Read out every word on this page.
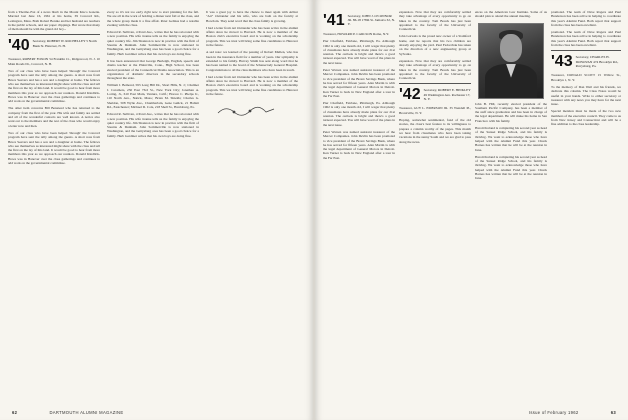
from a Thermo-Fax of a news blurb in the Mount Kisco Gazette. Married last June 16, 1961 at his home, 39 Concord Rd., Lexington, Mass. Both Robert Bonnie and her husband are teachers in the public schools, and our paper clippings. But wrote that many of them should be with the grand old boy...

'40 Secretary, ROBERT W. ROCHELLEY 5 North Bank St. Hanover, N. H.

Treasurer, ROBERT FOXON 54 Franklin Ct., Ridgewood, N. J. 10 Main Roads Dr., Concord, N. H.

Two of our class who have been helped 'through' the Concord program have sent the tally among the guests. A short note from Bruce Seevers and has a son and a daughter at home. The fellows who see themselves as interested might share with the class and tell the first on the lay of this land. It would be good to hear from more members this year as we approach our reunion. Donald Kindlick-Howe was in Hanover over the class gatherings and continues to add work on the governmental committee.

The other item concerns Bill Benstead who has returned to the company from the first of the year. His wife and family are settled and all of the wonderful contacts are well known. A notice also went out to the members and the rest of the class who would enjoy a letter now and then.

Two of our class who have been helped 'through' the Concord program have sent the tally among the guests. A short note from Bruce Seevers and has a son and a daughter at home. The fellows who see themselves as interested might share with the class and tell the first on the lay of this land. It would be good to hear from more members this year as we approach our reunion. Donald Kindlick-Howe was in Hanover over the class gatherings and continues to add work on the governmental committee.

every so it's not too early right now to start planning for the fall. We are all in the work of holding a dinner next fall at the class, and the whole group made it a fine affair. Peter Gelinas had a notable evening with the class.

Edward R. Sullivan, 4 Pond Ave., writes that he has relocated with a new position. His wife Jeanne tells us the family is enjoying the quiet country life. Jim Shannon is now in practice with the firm of Stearns & Dunham. John Sommerville is now stationed in Washington, and the Gettysburg area has been a good choice for a family. Herb Gardiner writes that his own boys are doing fine.

It has been announced that George Burleigh, English, speech and drama teacher at the Plainville, Conn., High School, has been elected president of the Connecticut Drama Association. This is an organization of dramatic directors in the secondary schools throughout the state.

William J. Bemond, 593 Long Hill Dr., Short Hills, N. J.; Chalmer J. Carothers, 230 East 73rd St., New York City; Jonathan A. Loring, Jr., 610 East Main, Ventura, Calif.; Horace C. Phelps Jr., 110 North Ave., Natick, Mass.; Brian M. Shields; Charles G. Sheldon, 508 Wylie Ave., Chamberlain, Gene Gulick, 21 Hallett Rd., Eastchester; Michael D. Cole, 218 Shell St., Harrisburg, Pa.

Edward R. Sullivan, 4 Pond Ave., writes that he has relocated with a new position. His wife Jeanne tells us the family is enjoying the quiet country life. Jim Shannon is now in practice with the firm of Stearns & Dunham. John Sommerville is now stationed in Washington, and the Gettysburg area has been a good choice for a family. Herb Gardiner writes that his own boys are doing fine.

It was a great joy to have the chance to meet again with Arthur "Art" Ostrander and his wife, who are both on the faculty at Bowdoin. They send word that the class family is growing.

I had a letter from Art Ostrander who has been active in the alumni affairs since he moved to Harvard. He is now a member of the Boston club's executive board and is working on the scholarship program. This we trust will bring some fine candidates to Hanover in the future.

A sad note: we learned of the passing of Robert Mullen, who has been in the insurance field for a number of years. Our sympathy is extended to his family. Harvey Smith has sent along word that he has been named to the board of the Schenectady General Hospital. Congratulations to all the class members who have been in touch.

I had a letter from Art Ostrander who has been active in the alumni affairs since he moved to Harvard. He is now a member of the Boston club's executive board and is working on the scholarship program. This we trust will bring some fine candidates to Hanover in the future.

62	DARTMOUTH ALUMNI MAGAZINE
'41 Secretary, JOHN J. O'CONNOR JR. 86-18 178th St. Jamaica 32, N. Y.

Treasurer, HOWARD P. CARLSON Rome, N.Y.

Pier Chatfield, Fairlane, Pittsburgh, Pa. Although 1962 is only one month old, I will wager that plenty of classmates have already made plans for our 21st reunion. The outlook is bright and there's a good turnout expected. You will have word of the plans in the next issue.

Peter Warren was named assistant treasurer of the Mercer Companies. John Devlin has been promoted to vice president of the Bronx Savings Bank, where he has served for fifteen years. Alan Martin is with the legal department of General Motors in Detroit. Ken Turner is back in New England after a tour in the Far East.

Pier Chatfield, Fairlane, Pittsburgh, Pa. Although 1962 is only one month old, I will wager that plenty of classmates have already made plans for our 21st reunion. The outlook is bright and there's a good turnout expected. You will have word of the plans in the next issue.

Peter Warren was named assistant treasurer of the Mercer Companies. John Devlin has been promoted to vice president of the Bronx Savings Bank, where he has served for fifteen years. Alan Martin is with the legal department of General Motors in Detroit. Ken Turner is back in New England after a tour in the Far East.

expansion. Now that they are comfortably settled they take advantage of every opportunity to go on hikes in the country. Tom Bouck has just been appointed to the faculty of the University of Connecticut.

John Gotwals is the proud new owner of a Stamford home, and he reports that his two children are already enjoying the yard. Paul Fedorchak has taken on the direction of a new engineering group at Sylvania.

expansion. Now that they are comfortably settled they take advantage of every opportunity to go on hikes in the country. Tom Bouck has just been appointed to the faculty of the University of Connecticut.

'42 Secretary, ROBERT E. HINKLEY 49 Washington Ave. Rochester 17, N. Y.

Treasurer, GUY L. EMERSON JR. 35 Wendell Pl., Bronxville, N. Y.

Hoping, somewhat sentimental, fond of the old stories, the class's best feature is its willingness to prepare a column worthy of the pages. This month we hear from classmates who have been taking vacations in the sunny South and we are glad to pass along the news.

ences on the American Law Institute. Some of us should plan to attend the annual meeting.

John B. Hill, recently elected president of the Southern Pacific Company, has been a member of the staff since graduation and has been in charge of the legal department. He will make his home in San Francisco with his family.

Harold Ireland is completing his second year as head of the Sunset Ridge School, and his family is thriving. We want to acknowledge those who have helped with the Alumni Fund this year. Chuck Barnes has written that he will be at the reunion in June.

Harold Ireland is completing his second year as head of the Sunset Ridge School, and his family is thriving. We want to acknowledge those who have helped with the Alumni Fund this year. Chuck Barnes has written that he will be at the reunion in June.

promoted. The team of Dave Rogers and Paul Henderson has been active in helping to coordinate this year's Alumni Fund. Both report that support from the class has been excellent.

promoted. The team of Dave Rogers and Paul Henderson has been active in helping to coordinate this year's Alumni Fund. Both report that support from the class has been excellent.

'43 Secretary, CHARLES H. DONOVAN 474 Brooklyn Rd., Perrysburg, Pa.

Treasurer, DONALD SCOTT 15 Willow St., Brooklyn 1, N. Y.

To the memory of Dan Weil and his friends, we dedicate this column. The Class Notes would be useful in your hands. Write to either secretary or treasurer with any news you may have for the next issue.

Special mention must be made of the two new members of the executive council. They come to us from New Jersey and Connecticut and will be a fine addition to the class leadership.

Issue of February 1962	63
